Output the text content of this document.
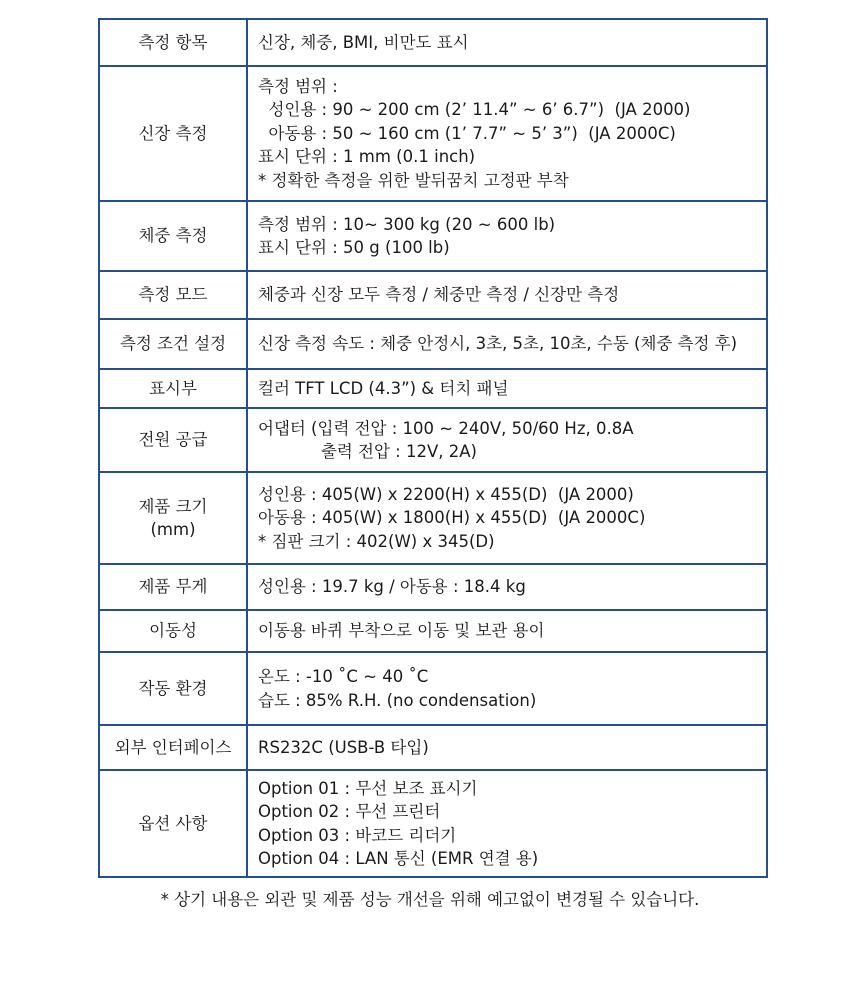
측정 항목	신장, 체중, BMI, 비만도 표시

신장 측정	측정 범위 :
성인용 : 90 ~ 200 cm (2’ 11.4” ~ 6’ 6.7”)  (JA 2000)
아동용 : 50 ~ 160 cm (1’ 7.7” ~ 5’ 3”)  (JA 2000C)
표시 단위 : 1 mm (0.1 inch)
* 정확한 측정을 위한 발뒤꿈치 고정판 부착

체중 측정	측정 범위 : 10~ 300 kg (20 ~ 600 lb)
표시 단위 : 50 g (100 lb)

측정 모드	체중과 신장 모두 측정 / 체중만 측정 / 신장만 측정

측정 조건 설정	신장 측정 속도 : 체중 안정시, 3초, 5초, 10초, 수동 (체중 측정 후)

표시부	컬러 TFT LCD (4.3”) & 터치 패널

전원 공급	어댑터 (입력 전압 : 100 ~ 240V, 50/60 Hz, 0.8A
출력 전압 : 12V, 2A)

제품 크기
(mm)	성인용 : 405(W) x 2200(H) x 455(D)  (JA 2000)
아동용 : 405(W) x 1800(H) x 455(D)  (JA 2000C)
* 짐판 크기 : 402(W) x 345(D)

제품 무게	성인용 : 19.7 kg / 아동용 : 18.4 kg

이동성	이동용 바퀴 부착으로 이동 및 보관 용이

작동 환경	온도 : -10 ˚C ~ 40 ˚C
습도 : 85% R.H. (no condensation)

외부 인터페이스	RS232C (USB-B 타입)

옵션 사항	Option 01 : 무선 보조 표시기
Option 02 : 무선 프린터
Option 03 : 바코드 리더기
Option 04 : LAN 통신 (EMR 연결 용)
* 상기 내용은 외관 및 제품 성능 개선을 위해 예고없이 변경될 수 있습니다.
